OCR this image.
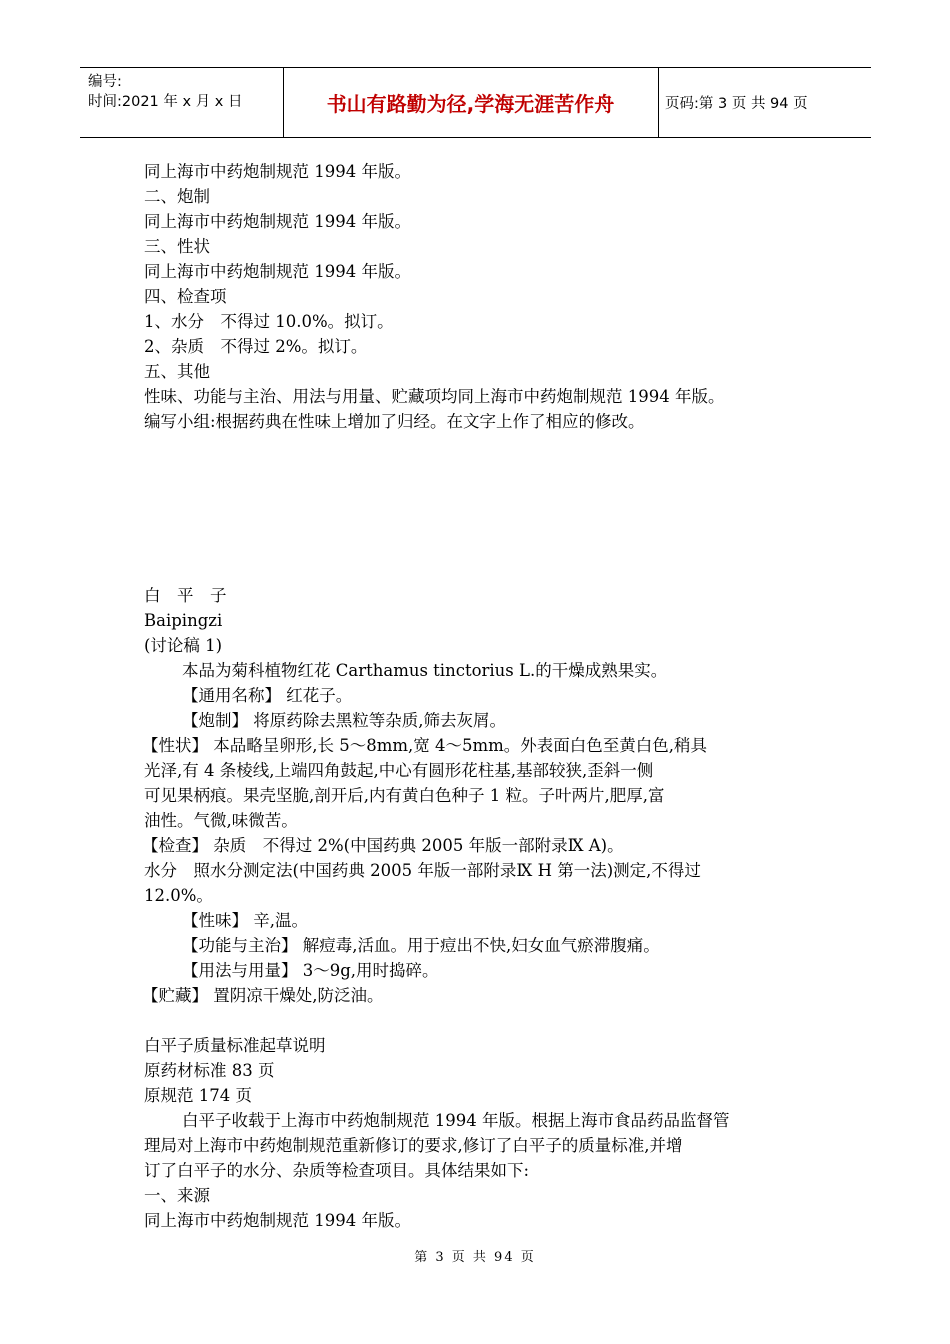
编号:
时间:2021 年 x 月 x 日	书山有路勤为径,学海无涯苦作舟	页码:第 3 页 共 94 页
同上海市中药炮制规范 1994 年版。
二、炮制
同上海市中药炮制规范 1994 年版。
三、性状
同上海市中药炮制规范 1994 年版。
四、检查项
1、水分　不得过 10.0%。拟订。
2、杂质　不得过 2%。拟订。
五、其他
性味、功能与主治、用法与用量、贮藏项均同上海市中药炮制规范 1994 年版。
编写小组:根据药典在性味上增加了归经。在文字上作了相应的修改。
白　平　子
Baipingzi
(讨论稿 1)
本品为菊科植物红花 Carthamus tinctorius L.的干燥成熟果实。
【通用名称】 红花子。
【炮制】 将原药除去黑粒等杂质,筛去灰屑。
【性状】 本品略呈卵形,长 5～8mm,宽 4～5mm。外表面白色至黄白色,稍具
光泽,有 4 条棱线,上端四角鼓起,中心有圆形花柱基,基部较狭,歪斜一侧
可见果柄痕。果壳坚脆,剖开后,内有黄白色种子 1 粒。子叶两片,肥厚,富
油性。气微,味微苦。
【检查】 杂质　不得过 2%(中国药典 2005 年版一部附录Ⅸ A)。
水分　照水分测定法(中国药典 2005 年版一部附录Ⅸ H 第一法)测定,不得过
12.0%。
【性味】 辛,温。
【功能与主治】 解痘毒,活血。用于痘出不快,妇女血气瘀滞腹痛。
【用法与用量】 3～9g,用时捣碎。
【贮藏】 置阴凉干燥处,防泛油。
白平子质量标准起草说明
原药材标准 83 页
原规范 174 页
白平子收载于上海市中药炮制规范 1994 年版。根据上海市食品药品监督管
理局对上海市中药炮制规范重新修订的要求,修订了白平子的质量标准,并增
订了白平子的水分、杂质等检查项目。具体结果如下:
一、来源
同上海市中药炮制规范 1994 年版。
第 3 页 共 94 页
